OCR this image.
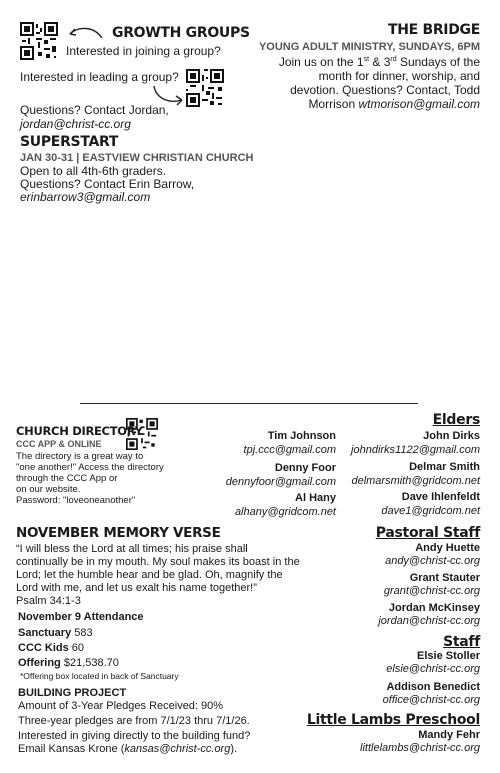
GROWTH GROUPS
Interested in joining a group?
Interested in leading a group?
Questions? Contact Jordan,
jordan@christ-cc.org
THE BRIDGE
YOUNG ADULT MINISTRY, SUNDAYS, 6PM
Join us on the 1st & 3rd Sundays of the
month for dinner, worship, and
devotion. Questions? Contact, Todd
Morrison wtmorison@gmail.com
SUPERSTART
JAN 30-31 | EASTVIEW CHRISTIAN CHURCH
Open to all 4th-6th graders.
Questions? Contact Erin Barrow,
erinbarrow3@gmail.com
CHURCH DIRECTORY
CCC APP & ONLINE
The directory is a great way to
"one another!" Access the directory
through the CCC App or
on our website.
Password: "loveoneanother"
Tim Johnson
tpj.ccc@gmail.com
Denny Foor
dennyfoor@gmail.com
Al Hany
alhany@gridcom.net
Elders
John Dirks
johndirks1122@gmail.com
Delmar Smith
delmarsmith@gridcom.net
Dave Ihlenfeldt
dave1@gridcom.net
NOVEMBER MEMORY VERSE
“I will bless the Lord at all times; his praise shall
continually be in my mouth. My soul makes its boast in the
Lord; let the humble hear and be glad. Oh, magnify the
Lord with me, and let us exalt his name together!”
Psalm 34:1-3
November 9 Attendance
Sanctuary 583
CCC Kids 60
Offering $21,538.70
*Offering box located in back of Sanctuary
BUILDING PROJECT
Amount of 3-Year Pledges Received: 90%
Three-year pledges are from 7/1/23 thru 7/1/26.
Interested in giving directly to the building fund?
Email Kansas Krone (kansas@christ-cc.org).
Pastoral Staff
Andy Huette
andy@christ-cc.org
Grant Stauter
grant@christ-cc.org
Jordan McKinsey
jordan@christ-cc.org
Staff
Elsie Stoller
elsie@christ-cc.org
Addison Benedict
office@christ-cc.org
Little Lambs Preschool
Mandy Fehr
littlelambs@christ-cc.org
